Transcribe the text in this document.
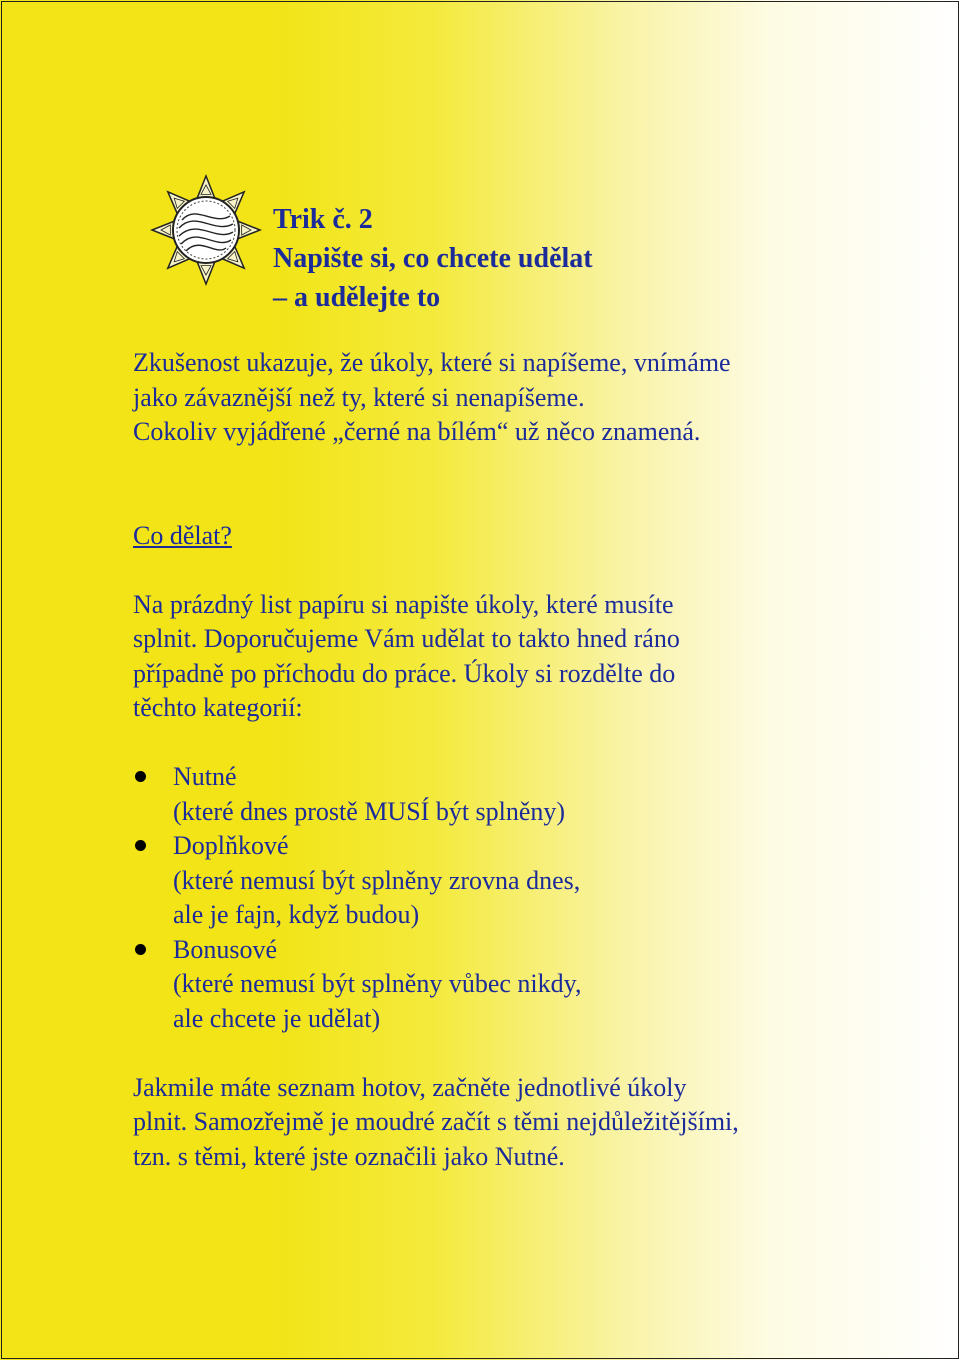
Trik č. 2
Napište si, co chcete udělat
– a udělejte to

Zkušenost ukazuje, že úkoly, které si napíšeme, vnímáme
jako závaznější než ty, které si nenapíšeme.
Cokoliv vyjádřené „černé na bílém“ už něco znamená.

Co dělat?

Na prázdný list papíru si napište úkoly, které musíte
splnit. Doporučujeme Vám udělat to takto hned ráno
případně po příchodu do práce. Úkoly si rozdělte do
těchto kategorií:

Nutné
(které dnes prostě MUSÍ být splněny)
Doplňkové
(které nemusí být splněny zrovna dnes,
ale je fajn, když budou)
Bonusové
(které nemusí být splněny vůbec nikdy,
ale chcete je udělat)

Jakmile máte seznam hotov, začněte jednotlivé úkoly
plnit. Samozřejmě je moudré začít s těmi nejdůležitějšími,
tzn. s těmi, které jste označili jako Nutné.
